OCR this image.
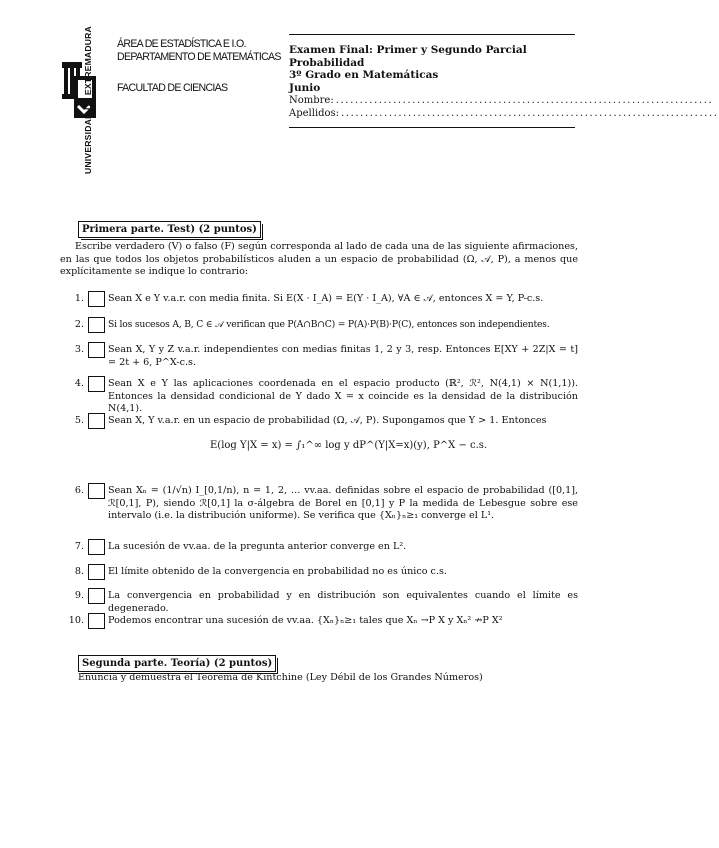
UNIVERSIDAD DE EXTREMADURA ÁREA DE ESTADÍSTICA E I.O.
DEPARTAMENTO DE MATEMÁTICAS
FACULTAD DE CIENCIAS
Examen Final: Primer y Segundo Parcial
Probabilidad
3º Grado en Matemáticas
Junio
Nombre: ...............................................................................
Apellidos: ...............................................................................
Primera parte. Test) (2 puntos)
Escribe verdadero (V) o falso (F) según corresponda al lado de cada una de las siguiente afirmaciones, en las que todos los objetos probabilísticos aluden a un espacio de probabilidad (Ω, 𝒜, P), a menos que explícitamente se indique lo contrario:
1.	Sean X e Y v.a.r. con media finita. Si E(X · I_A) = E(Y · I_A), ∀A ∈ 𝒜, entonces X = Y, P-c.s.
2.	Si los sucesos A, B, C ∈ 𝒜 verifican que P(A∩B∩C) = P(A)·P(B)·P(C), entonces son independientes.
3.	Sean X, Y y Z v.a.r. independientes con medias finitas 1, 2 y 3, resp. Entonces E[XY + 2Z|X = t] = 2t + 6, P^X-c.s.
4.	Sean X e Y las aplicaciones coordenada en el espacio producto (ℝ², ℛ², N(4,1) × N(1,1)). Entonces la densidad condicional de Y dado X = x coincide es la densidad de la distribución N(4,1).
5.	Sean X, Y v.a.r. en un espacio de probabilidad (Ω, 𝒜, P). Supongamos que Y > 1. Entonces
E(log Y|X = x) = ∫₁^∞ log y dP^(Y|X=x)(y), P^X − c.s.
6.	Sean Xₙ = (1/√n) I_[0,1/n), n = 1, 2, … vv.aa. definidas sobre el espacio de probabilidad ([0,1], ℛ[0,1], P), siendo ℛ[0,1] la σ-álgebra de Borel en [0,1] y P la medida de Lebesgue sobre ese intervalo (i.e. la distribución uniforme). Se verifica que {Xₙ}ₙ≥₁ converge el L¹.
7.	La sucesión de vv.aa. de la pregunta anterior converge en L².
8.	El límite obtenido de la convergencia en probabilidad no es único c.s.
9.	La convergencia en probabilidad y en distribución son equivalentes cuando el límite es degenerado.
10.	Podemos encontrar una sucesión de vv.aa. {Xₙ}ₙ≥₁ tales que Xₙ →P X y Xₙ² ↛P X²
Segunda parte. Teoría) (2 puntos)
Enuncia y demuestra el Teorema de Kintchine (Ley Débil de los Grandes Números)
